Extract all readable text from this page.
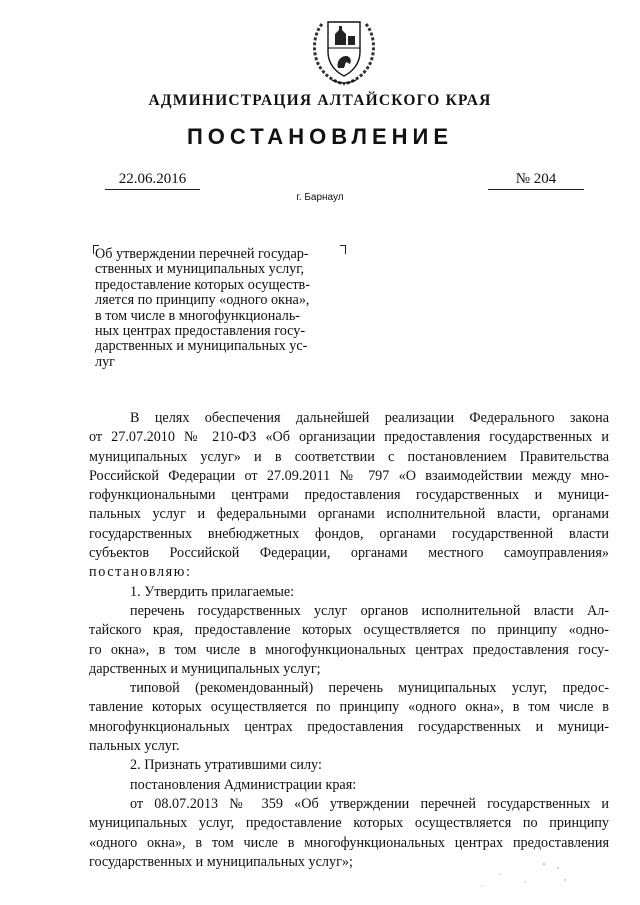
АДМИНИСТРАЦИЯ АЛТАЙСКОГО КРАЯ
ПОСТАНОВЛЕНИЕ
22.06.2016	№ 204
г. Барнаул
Об утверждении перечней государ-
ственных и муниципальных услуг,
предоставление которых осуществ-
ляется по принципу «одного окна»,
в том числе в многофункциональ-
ных центрах предоставления госу-
дарственных и муниципальных ус-
луг
В целях обеспечения дальнейшей реализации Федерального закона
от 27.07.2010 № 210-ФЗ «Об организации предоставления государственных и
муниципальных услуг» и в соответствии с постановлением Правительства
Российской Федерации от 27.09.2011 № 797 «О взаимодействии между мно-
гофункциональными центрами предоставления государственных и муници-
пальных услуг и федеральными органами исполнительной власти, органами
государственных внебюджетных фондов, органами государственной власти
субъектов Российской Федерации, органами местного самоуправления»
постановляю:
1. Утвердить прилагаемые:
перечень государственных услуг органов исполнительной власти Ал-
тайского края, предоставление которых осуществляется по принципу «одно-
го окна», в том числе в многофункциональных центрах предоставления госу-
дарственных и муниципальных услуг;
типовой (рекомендованный) перечень муниципальных услуг, предос-
тавление которых осуществляется по принципу «одного окна», в том числе в
многофункциональных центрах предоставления государственных и муници-
пальных услуг.
2. Признать утратившими силу:
постановления Администрации края:
от 08.07.2013 № 359 «Об утверждении перечней государственных и
муниципальных услуг, предоставление которых осуществляется по принципу
«одного окна», в том числе в многофункциональных центрах предоставления
государственных и муниципальных услуг»;
